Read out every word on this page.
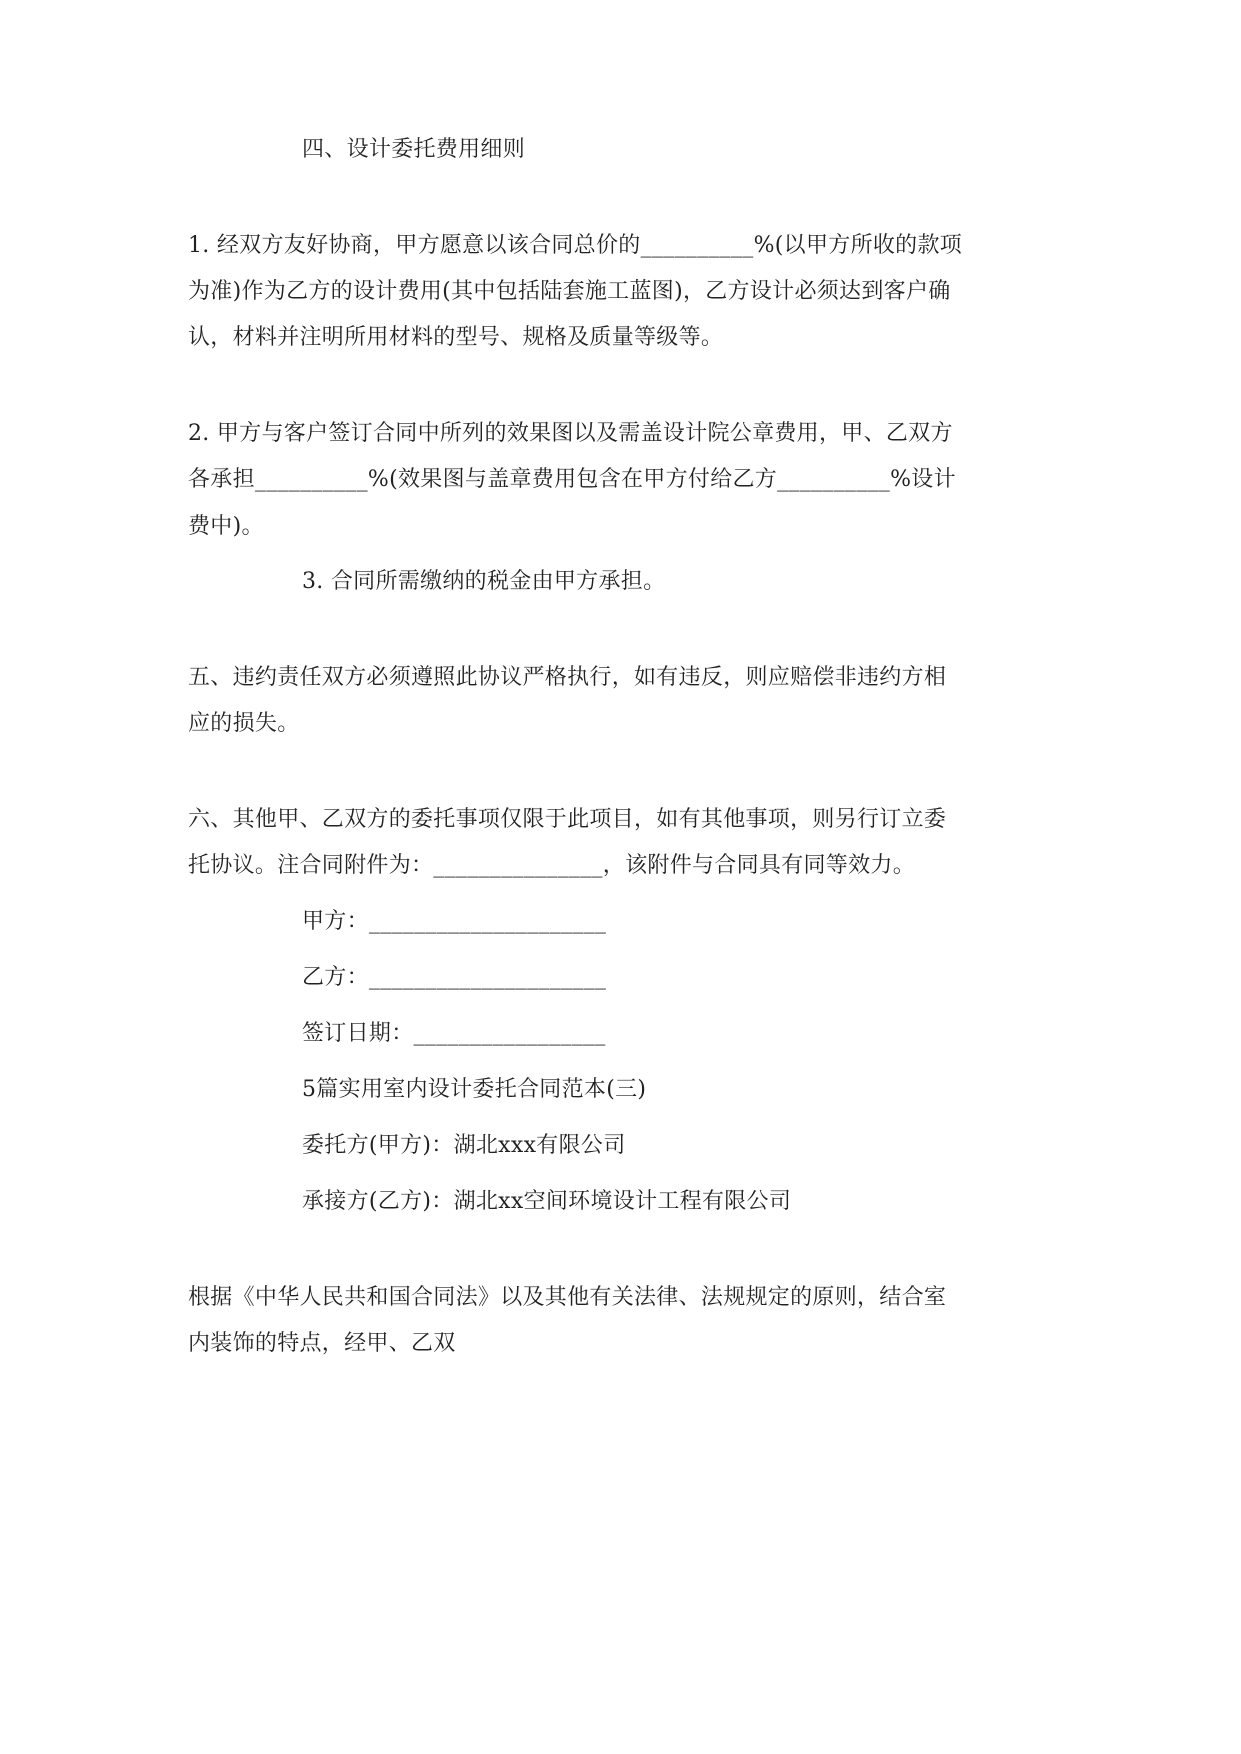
四、设计委托费用细则
1. 经双方友好协商，甲方愿意以该合同总价的__________%(以甲方所收的款项
为准)作为乙方的设计费用(其中包括陆套施工蓝图)，乙方设计必须达到客户确
认，材料并注明所用材料的型号、规格及质量等级等。
2. 甲方与客户签订合同中所列的效果图以及需盖设计院公章费用，甲、乙双方
各承担__________%(效果图与盖章费用包含在甲方付给乙方__________%设计
费中)。
3. 合同所需缴纳的税金由甲方承担。
五、违约责任双方必须遵照此协议严格执行，如有违反，则应赔偿非违约方相
应的损失。
六、其他甲、乙双方的委托事项仅限于此项目，如有其他事项，则另行订立委
托协议。注合同附件为：_______________，该附件与合同具有同等效力。
甲方：_____________________
乙方：_____________________
签订日期：_________________
5篇实用室内设计委托合同范本(三)
委托方(甲方)：湖北xxx有限公司
承接方(乙方)：湖北xx空间环境设计工程有限公司
根据《中华人民共和国合同法》以及其他有关法律、法规规定的原则，结合室
内装饰的特点，经甲、乙双
